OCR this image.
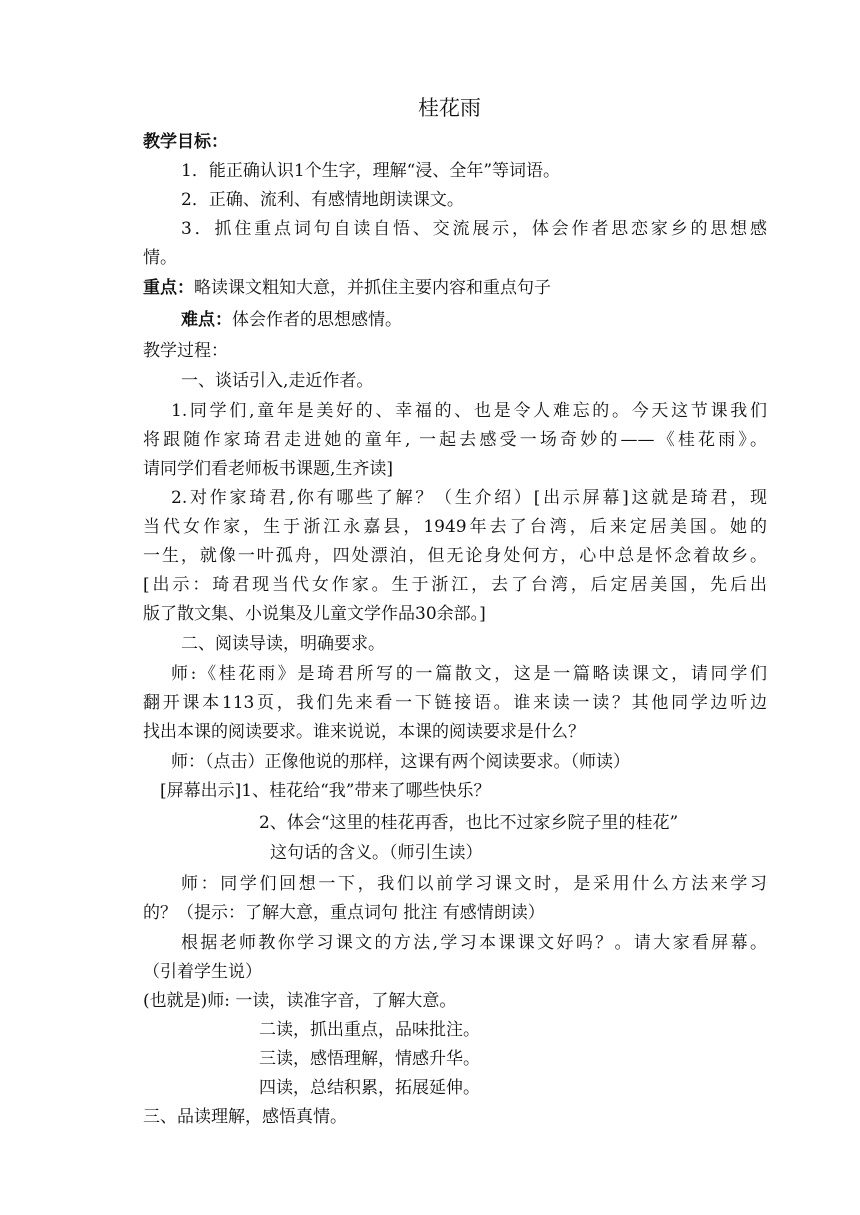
桂花雨
教学目标：
1．能正确认识1个生字，理解“浸、全年”等词语。
2．正确、流利、有感情地朗读课文。
3．抓住重点词句自读自悟、交流展示，体会作者思恋家乡的思想感
情。
重点：略读课文粗知大意，并抓住主要内容和重点句子
难点：体会作者的思想感情。
教学过程：
一、谈话引入,走近作者。
1.同学们,童年是美好的、幸福的、也是令人难忘的。今天这节课我们
将跟随作家琦君走进她的童年, 一起去感受一场奇妙的——《桂花雨》。
请同学们看老师板书课题,生齐读]
2.对作家琦君,你有哪些了解？（生介绍）[出示屏幕]这就是琦君，现
当代女作家，生于浙江永嘉县，1949年去了台湾，后来定居美国。她的
一生，就像一叶孤舟，四处漂泊，但无论身处何方，心中总是怀念着故乡。
[出示：琦君现当代女作家。生于浙江，去了台湾，后定居美国，先后出
版了散文集、小说集及儿童文学作品30余部。]
二、阅读导读，明确要求。
师:《桂花雨》是琦君所写的一篇散文，这是一篇略读课文，请同学们
翻开课本113页，我们先来看一下链接语。谁来读一读？其他同学边听边
找出本课的阅读要求。谁来说说，本课的阅读要求是什么？
师：（点击）正像他说的那样，这课有两个阅读要求。（师读）
[屏幕出示]1、桂花给“我”带来了哪些快乐？
2、体会“这里的桂花再香，也比不过家乡院子里的桂花”
这句话的含义。（师引生读）
师：同学们回想一下，我们以前学习课文时，是采用什么方法来学习
的？（提示：了解大意，重点词句 批注 有感情朗读）
根据老师教你学习课文的方法,学习本课课文好吗？。请大家看屏幕。
（引着学生说）
(也就是)师: 一读，读准字音，了解大意。
二读，抓出重点，品味批注。
三读，感悟理解，情感升华。
四读，总结积累，拓展延伸。
三、品读理解，感悟真情。
